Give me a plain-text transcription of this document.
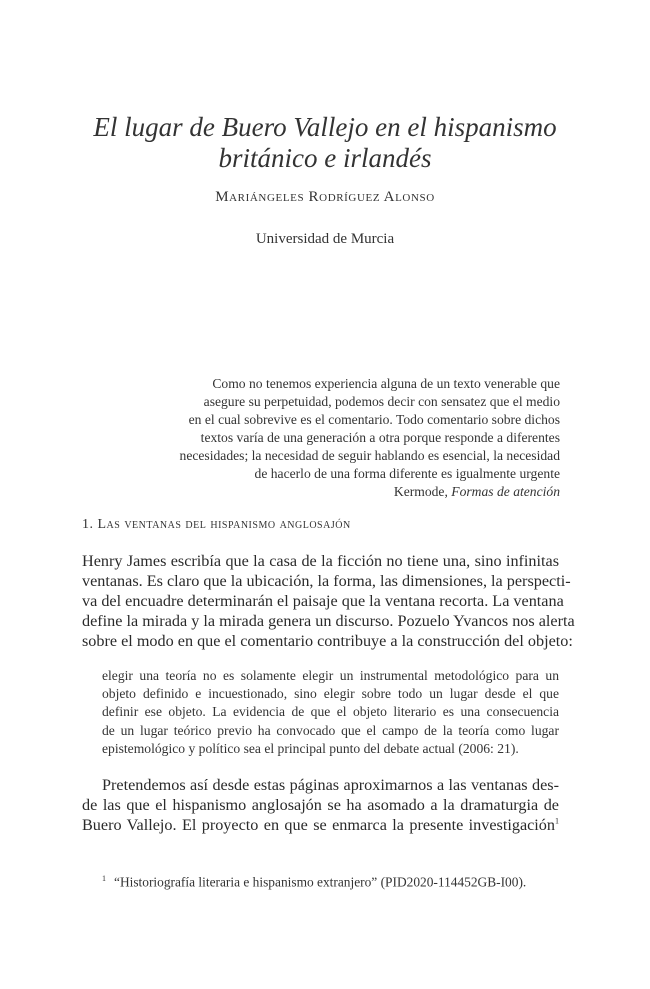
El lugar de Buero Vallejo en el hispanismo
británico e irlandés
Mariángeles Rodríguez Alonso
Universidad de Murcia
Como no tenemos experiencia alguna de un texto venerable que
asegure su perpetuidad, podemos decir con sensatez que el medio
en el cual sobrevive es el comentario. Todo comentario sobre dichos
textos varía de una generación a otra porque responde a diferentes
necesidades; la necesidad de seguir hablando es esencial, la necesidad
de hacerlo de una forma diferente es igualmente urgente
Kermode, Formas de atención
1. Las ventanas del hispanismo anglosajón
Henry James escribía que la casa de la ficción no tiene una, sino infinitas
ventanas. Es claro que la ubicación, la forma, las dimensiones, la perspecti-
va del encuadre determinarán el paisaje que la ventana recorta. La ventana
define la mirada y la mirada genera un discurso. Pozuelo Yvancos nos alerta
sobre el modo en que el comentario contribuye a la construcción del objeto:
elegir una teoría no es solamente elegir un instrumental metodológico para un
objeto definido e incuestionado, sino elegir sobre todo un lugar desde el que
definir ese objeto. La evidencia de que el objeto literario es una consecuencia
de un lugar teórico previo ha convocado que el campo de la teoría como lugar
epistemológico y político sea el principal punto del debate actual (2006: 21).
Pretendemos así desde estas páginas aproximarnos a las ventanas des-
de las que el hispanismo anglosajón se ha asomado a la dramaturgia de
Buero Vallejo. El proyecto en que se enmarca la presente investigación$^1$
$^1$ “Historiografía literaria e hispanismo extranjero” (PID2020-114452GB-I00).
